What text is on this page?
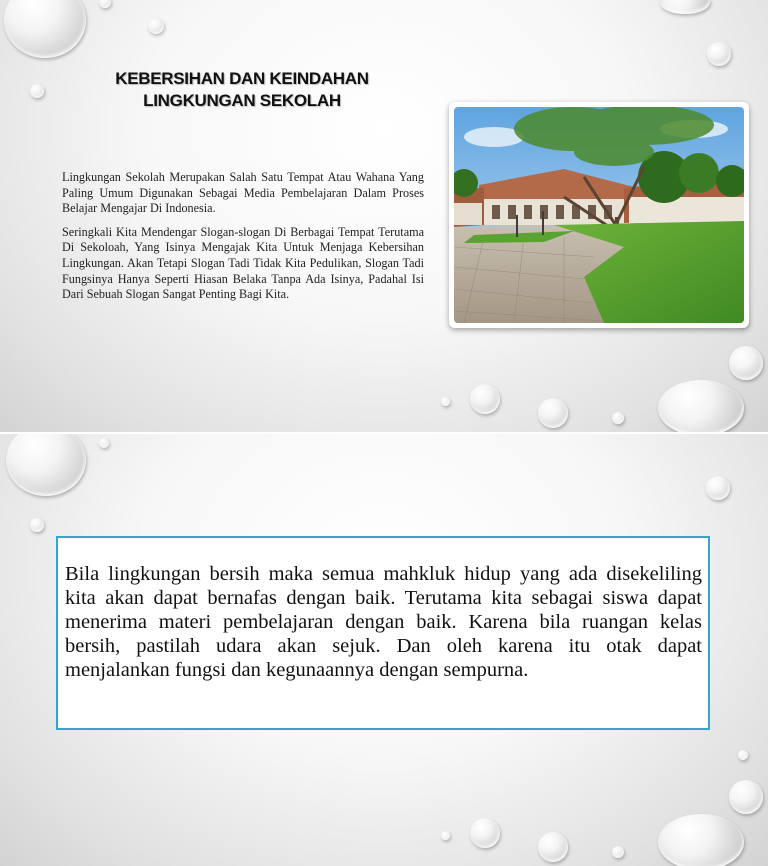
KEBERSIHAN DAN KEINDAHAN
LINGKUNGAN SEKOLAH

Lingkungan Sekolah Merupakan Salah Satu Tempat Atau Wahana Yang Paling Umum Digunakan Sebagai Media Pembelajaran Dalam Proses Belajar Mengajar Di Indonesia.

Seringkali Kita Mendengar Slogan-slogan Di Berbagai Tempat Terutama Di Sekoloah, Yang Isinya Mengajak Kita Untuk Menjaga Kebersihan Lingkungan. Akan Tetapi Slogan Tadi Tidak Kita Pedulikan, Slogan Tadi Fungsinya Hanya Seperti Hiasan Belaka Tanpa Ada Isinya, Padahal Isi Dari Sebuah Slogan Sangat Penting Bagi Kita.

Bila lingkungan bersih maka semua mahkluk hidup yang ada disekeliling kita akan dapat bernafas dengan baik. Terutama kita sebagai siswa dapat menerima materi pembelajaran dengan baik. Karena bila ruangan kelas bersih, pastilah udara akan sejuk. Dan oleh karena itu otak dapat menjalankan fungsi dan kegunaannya dengan sempurna.
